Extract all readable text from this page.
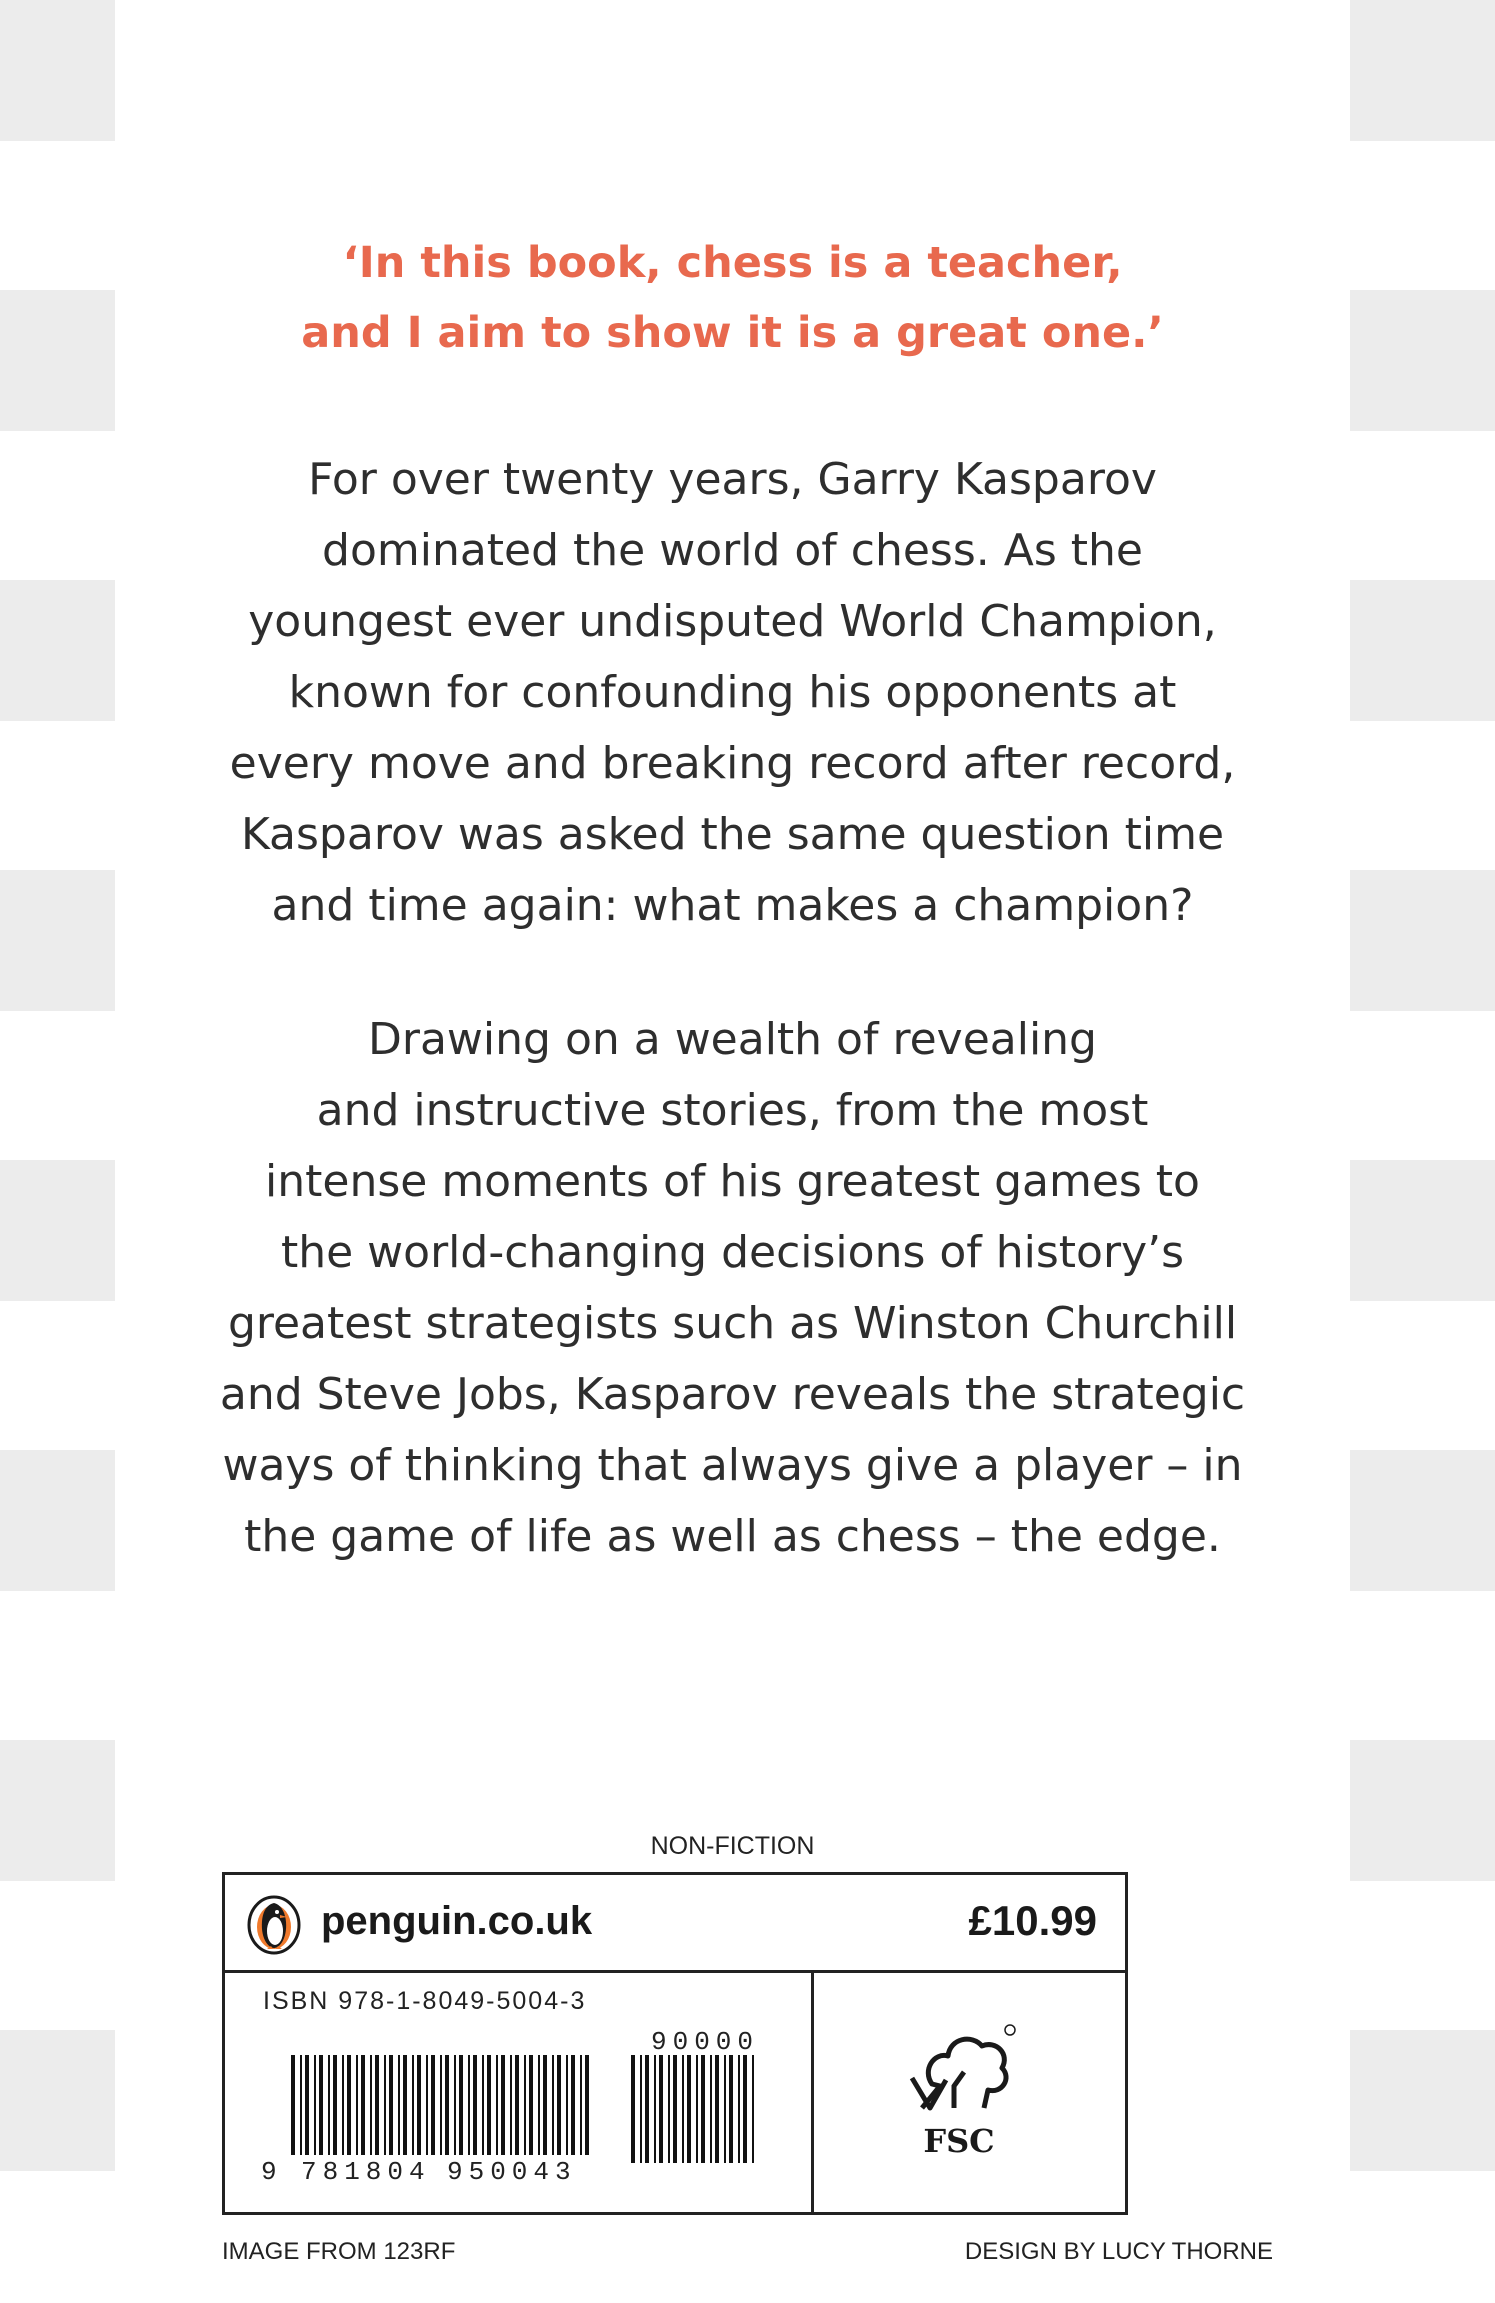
‘In this book, chess is a teacher,
and I aim to show it is a great one.’
For over twenty years, Garry Kasparov
dominated the world of chess. As the
youngest ever undisputed World Champion,
known for confounding his opponents at
every move and breaking record after record,
Kasparov was asked the same question time
and time again: what makes a champion?
Drawing on a wealth of revealing
and instructive stories, from the most
intense moments of his greatest games to
the world-changing decisions of history’s
greatest strategists such as Winston Churchill
and Steve Jobs, Kasparov reveals the strategic
ways of thinking that always give a player – in
the game of life as well as chess – the edge.
NON-FICTION
penguin.co.uk	£10.99
ISBN 978-1-8049-5004-3
9 781804 950043
90000
FSC
IMAGE FROM 123RF	DESIGN BY LUCY THORNE
